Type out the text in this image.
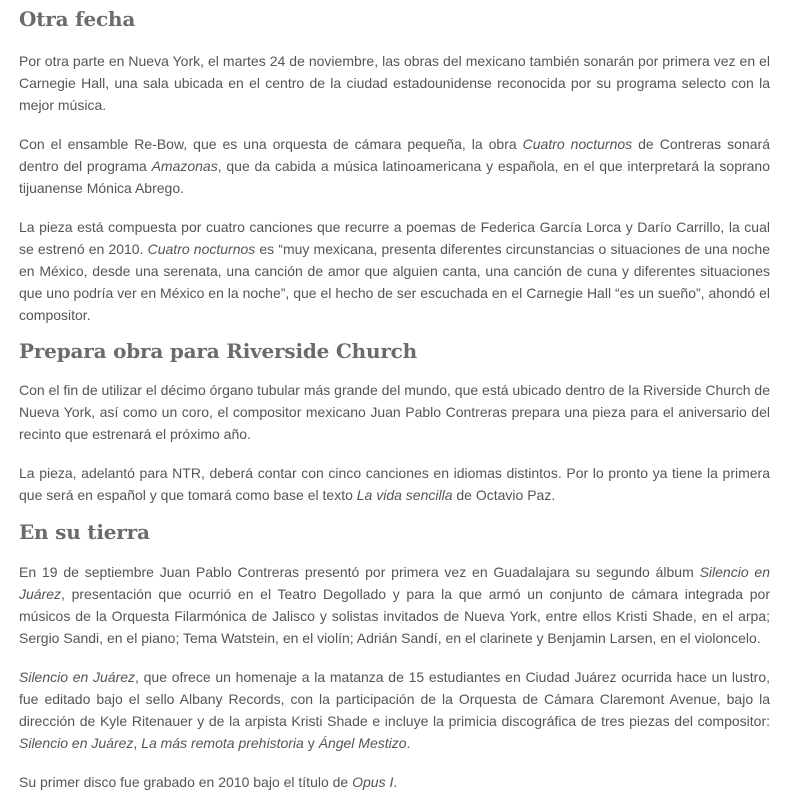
Otra fecha

Por otra parte en Nueva York, el martes 24 de noviembre, las obras del mexicano también sonarán por primera vez en el Carnegie Hall, una sala ubicada en el centro de la ciudad estadounidense reconocida por su programa selecto con la mejor música.

Con el ensamble Re-Bow, que es una orquesta de cámara pequeña, la obra Cuatro nocturnos de Contreras sonará dentro del programa Amazonas, que da cabida a música latinoamericana y española, en el que interpretará la soprano tijuanense Mónica Abrego.

La pieza está compuesta por cuatro canciones que recurre a poemas de Federica García Lorca y Darío Carrillo, la cual se estrenó en 2010. Cuatro nocturnos es “muy mexicana, presenta diferentes circunstancias o situaciones de una noche en México, desde una serenata, una canción de amor que alguien canta, una canción de cuna y diferentes situaciones que uno podría ver en México en la noche”, que el hecho de ser escuchada en el Carnegie Hall “es un sueño”, ahondó el compositor.

Prepara obra para Riverside Church

Con el fin de utilizar el décimo órgano tubular más grande del mundo, que está ubicado dentro de la Riverside Church de Nueva York, así como un coro, el compositor mexicano Juan Pablo Contreras prepara una pieza para el aniversario del recinto que estrenará el próximo año.

La pieza, adelantó para NTR, deberá contar con cinco canciones en idiomas distintos. Por lo pronto ya tiene la primera que será en español y que tomará como base el texto La vida sencilla de Octavio Paz.

En su tierra

En 19 de septiembre Juan Pablo Contreras presentó por primera vez en Guadalajara su segundo álbum Silencio en Juárez, presentación que ocurrió en el Teatro Degollado y para la que armó un conjunto de cámara integrada por músicos de la Orquesta Filarmónica de Jalisco y solistas invitados de Nueva York, entre ellos Kristi Shade, en el arpa; Sergio Sandi, en el piano; Tema Watstein, en el violín; Adrián Sandí, en el clarinete y Benjamin Larsen, en el violoncelo.

Silencio en Juárez, que ofrece un homenaje a la matanza de 15 estudiantes en Ciudad Juárez ocurrida hace un lustro, fue editado bajo el sello Albany Records, con la participación de la Orquesta de Cámara Claremont Avenue, bajo la dirección de Kyle Ritenauer y de la arpista Kristi Shade e incluye la primicia discográfica de tres piezas del compositor: Silencio en Juárez, La más remota prehistoria y Ángel Mestizo.

Su primer disco fue grabado en 2010 bajo el título de Opus I.
